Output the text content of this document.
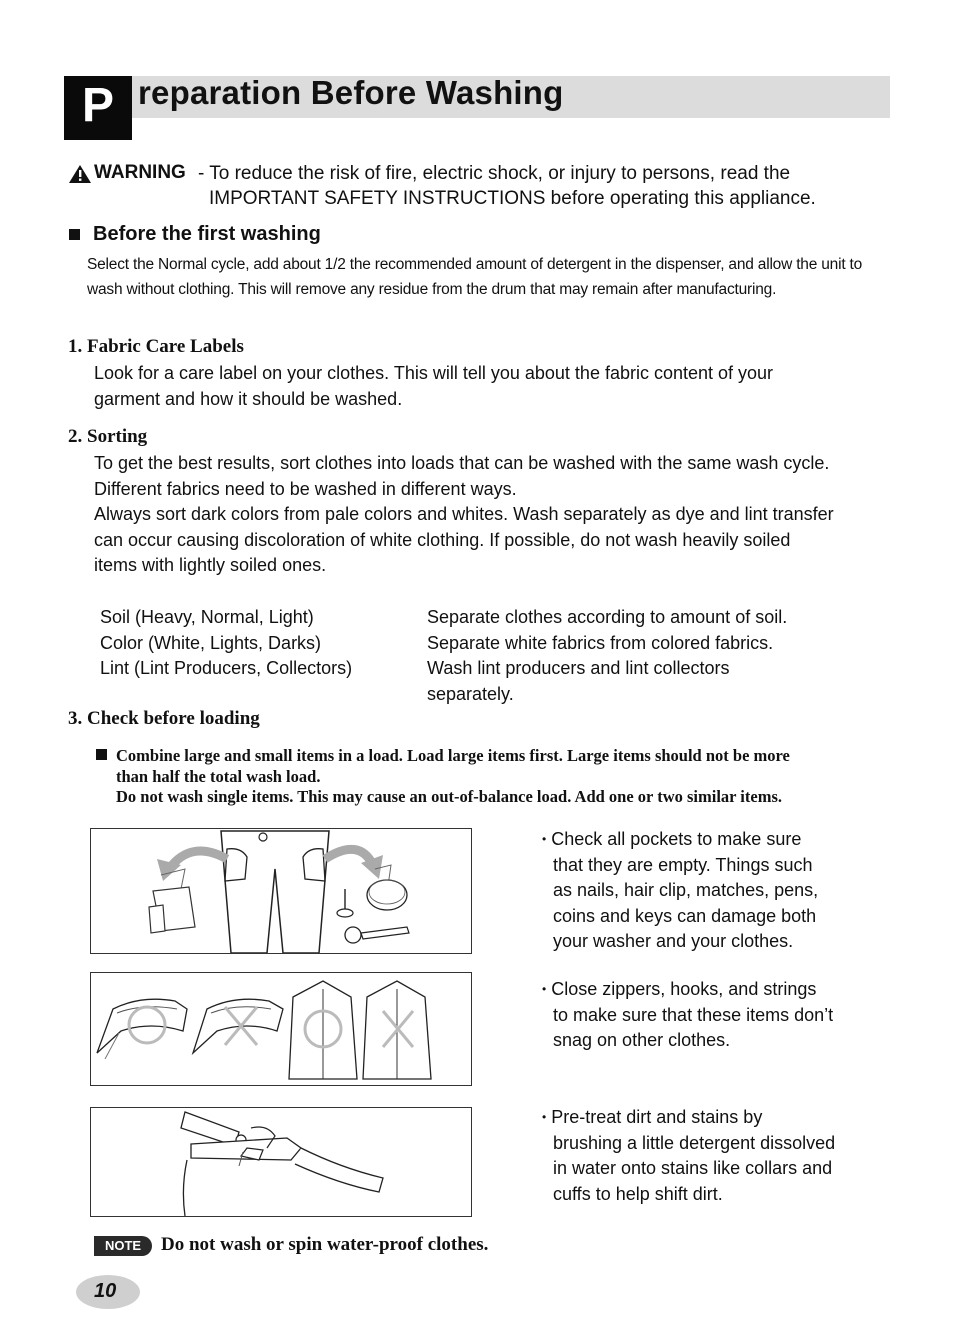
P reparation Before Washing
WARNING - To reduce the risk of fire, electric shock, or injury to persons, read the
IMPORTANT SAFETY INSTRUCTIONS before operating this appliance.
Before the first washing
Select the Normal cycle, add about 1/2 the recommended amount of detergent in the dispenser, and allow the unit to wash without clothing. This will remove any residue from the drum that may remain after manufacturing.
1. Fabric Care Labels
Look for a care label on your clothes. This will tell you about the fabric content of your
garment and how it should be washed.
2. Sorting
To get the best results, sort clothes into loads that can be washed with the same wash cycle.
Different fabrics need to be washed in different ways.
Always sort dark colors from pale colors and whites. Wash separately as dye and lint transfer
can occur causing discoloration of white clothing. If possible, do not wash heavily soiled
items with lightly soiled ones.
Soil (Heavy, Normal, Light)
Color (White, Lights, Darks)
Lint (Lint Producers, Collectors)
Separate clothes according to amount of soil.
Separate white fabrics from colored fabrics.
Wash lint producers and lint collectors
separately.
3. Check before loading
Combine large and small items in a load. Load large items first. Large items should not be more
than half the total wash load.
Do not wash single items. This may cause an out-of-balance load. Add one or two similar items.
• Check all pockets to make sure
that they are empty. Things such
as nails, hair clip, matches, pens,
coins and keys can damage both
your washer and your clothes.
• Close zippers, hooks, and strings
to make sure that these items don’t
snag on other clothes.
• Pre-treat dirt and stains by
brushing a little detergent dissolved
in water onto stains like collars and
cuffs to help shift dirt.
NOTE	Do not wash or spin water-proof clothes.
10
